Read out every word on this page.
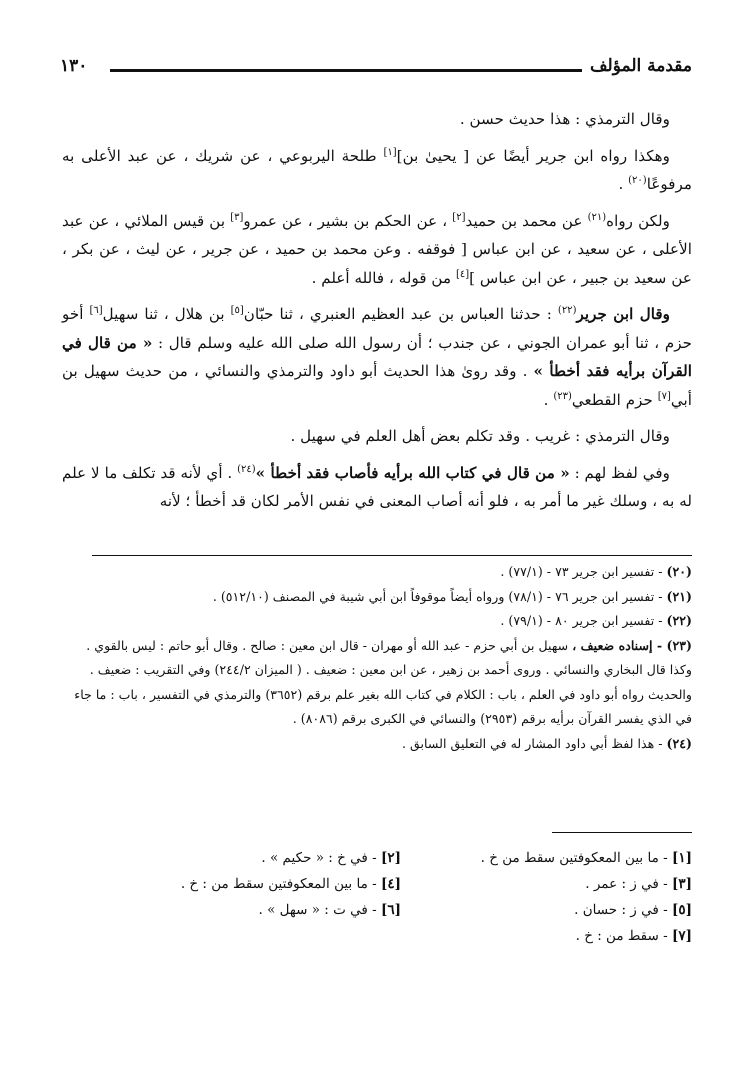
مقدمة المؤلف
١٣٠

وقال الترمذي : هذا حديث حسن .

وهكذا رواه ابن جرير أيضًا عن [ يحيىٰ بن][١] طلحة اليربوعي ، عن شريك ، عن عبد الأعلى به مرفوعًا$^{(٢٠)}$ .

ولكن رواه$^{(٢١)}$ عن محمد بن حميد[٢] ، عن الحكم بن بشير ، عن عمرو[٣] بن قيس الملائي ، عن عبد الأعلى ، عن سعيد ، عن ابن عباس [ فوقفه . وعن محمد بن حميد ، عن جرير ، عن ليث ، عن بكر ، عن سعيد بن جبير ، عن ابن عباس ][٤] من قوله ، فالله أعلم .

وقال ابن جرير$^{(٢٢)}$ : حدثنا العباس بن عبد العظيم العنبري ، ثنا حبّان[٥] بن هلال ، ثنا سهيل[٦] أخو حزم ، ثنا أبو عمران الجوني ، عن جندب ؛ أن رسول الله صلى الله عليه وسلم قال : « من قال في القرآن برأيه فقد أخطأ » . وقد روىٰ هذا الحديث أبو داود والترمذي والنسائي ، من حديث سهيل بن أبي[٧] حزم القطعي$^{(٢٣)}$ .

وقال الترمذي : غريب . وقد تكلم بعض أهل العلم في سهيل .

وفي لفظ لهم : « من قال في كتاب الله برأيه فأصاب فقد أخطأ »$^{(٢٤)}$ . أي لأنه قد تكلف ما لا علم له به ، وسلك غير ما أمر به ، فلو أنه أصاب المعنى في نفس الأمر لكان قد أخطأ ؛ لأنه

(٢٠) - تفسير ابن جرير ٧٣ - (٧٧/١) .

(٢١) - تفسير ابن جرير ٧٦ - (٧٨/١) ورواه أيضاً موقوفاً ابن أبي شيبة في المصنف (٥١٢/١٠) .

(٢٢) - تفسير ابن جرير ٨٠ - (٧٩/١) .

(٢٣) - إسناده ضعيف ، سهيل بن أبي حزم - عبد الله أو مهران - قال ابن معين : صالح . وقال أبو حاتم : ليس بالقوي . وكذا قال البخاري والنسائي . وروى أحمد بن زهير ، عن ابن معين : ضعيف . ( الميزان ٢٤٤/٢) وفي التقريب : ضعيف . والحديث رواه أبو داود في العلم ، باب : الكلام في كتاب الله بغير علم برقم (٣٦٥٢) والترمذي في التفسير ، باب : ما جاء في الذي يفسر القرآن برأيه برقم (٢٩٥٣) والنسائي في الكبرى برقم (٨٠٨٦) .

(٢٤) - هذا لفظ أبي داود المشار له في التعليق السابق .

[١] - ما بين المعكوفتين سقط من خ .
[٢] - في خ : « حكيم » .
[٣] - في ز : عمر .
[٤] - ما بين المعكوفتين سقط من : خ .
[٥] - في ز : حسان .
[٦] - في ت : « سهل » .
[٧] - سقط من : خ .
